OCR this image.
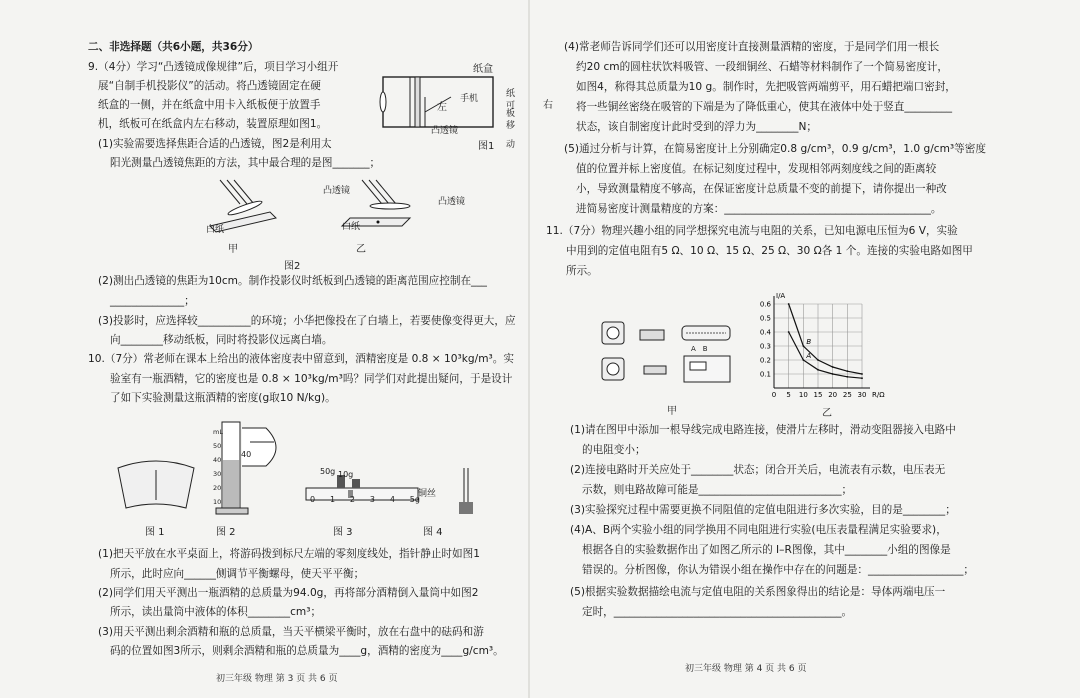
二、非选择题（共6小题，共36分）
9.（4分）学习“凸透镜成像规律”后，项目学习小组开
展“自制手机投影仪”的活动。将凸透镜固定在硬
纸盒的一侧，并在纸盒中用卡入纸板便于放置手
机，纸板可在纸盒内左右移动，装置原理如图1。
(1)实验需要选择焦距合适的凸透镜，图2是利用太
阳光测量凸透镜焦距的方法，其中最合理的是图_______；
(2)测出凸透镜的焦距为10cm。制作投影仪时纸板到凸透镜的距离范围应控制在___
______________；
(3)投影时，应选择较__________的环境；小华把像投在了白墙上，若要使像变得更大，应
向________移动纸板，同时将投影仪远离白墙。
纸盒
手机	纸板
可移动
左	右
凸透镜
图1
凸透镜
凸透镜
白纸	白纸
甲	乙
图2
10.（7分）常老师在课本上给出的液体密度表中留意到，酒精密度是 0.8 × 10³kg/m³。实
验室有一瓶酒精，它的密度也是 0.8 × 10³kg/m³吗？同学们对此提出疑问，于是设计
了如下实验测量这瓶酒精的密度(g取10 N/kg)。
图 1	图 2	图 3	图 4
50g 10g
铜丝
40
mL
50
40
30
20
10	0 1 2 3 4 5g
(1)把天平放在水平桌面上，将游码拨到标尺左端的零刻度线处，指针静止时如图1
所示，此时应向______侧调节平衡螺母，使天平平衡；
(2)同学们用天平测出一瓶酒精的总质量为94.0g，再将部分酒精倒入量筒中如图2
所示，读出量筒中液体的体积________cm³；
(3)用天平测出剩余酒精和瓶的总质量，当天平横梁平衡时，放在右盘中的砝码和游
码的位置如图3所示，则剩余酒精和瓶的总质量为____g，酒精的密度为____g/cm³。
初三年级 物理 第 3 页 共 6 页
(4)常老师告诉同学们还可以用密度计直接测量酒精的密度，于是同学们用一根长
约20 cm的圆柱状饮料吸管、一段细铜丝、石蜡等材料制作了一个简易密度计，
如图4，称得其总质量为10 g。制作时，先把吸管两端剪平，用石蜡把端口密封，
将一些铜丝密绕在吸管的下端是为了降低重心，使其在液体中处于竖直_________
状态，该自制密度计此时受到的浮力为________N；
(5)通过分析与计算，在简易密度计上分别确定0.8 g/cm³，0.9 g/cm³，1.0 g/cm³等密度
值的位置并标上密度值。在标记刻度过程中，发现相邻两刻度线之间的距离较
小，导致测量精度不够高，在保证密度计总质量不变的前提下，请你提出一种改
进简易密度计测量精度的方案：_______________________________________。
11.（7分）物理兴趣小组的同学想探究电流与电阻的关系，已知电源电压恒为6 V，实验
中用到的定值电阻有5 Ω、10 Ω、15 Ω、25 Ω、30 Ω各 1 个。连接的实验电路如图甲
所示。
A　B
甲
0 5 10 15 20 25 30
0.1
0.2
0.3
0.4
0.5
0.6
R/Ω
I/A
A
B
乙
(1)请在图甲中添加一根导线完成电路连接，使滑片左移时，滑动变阻器接入电路中
的电阻变小；
(2)连接电路时开关应处于________状态；闭合开关后，电流表有示数，电压表无
示数，则电路故障可能是___________________________；
(3)实验探究过程中需要更换不同阻值的定值电阻进行多次实验，目的是________；
(4)A、B两个实验小组的同学换用不同电阻进行实验(电压表量程满足实验要求)，
根据各自的实验数据作出了如图乙所示的 I–R图像，其中________小组的图像是
错误的。分析图像，你认为错误小组在操作中存在的问题是：__________________；
(5)根据实验数据描绘电流与定值电阻的关系图象得出的结论是：导体两端电压一
定时，___________________________________________。
初三年级 物理 第 4 页 共 6 页
